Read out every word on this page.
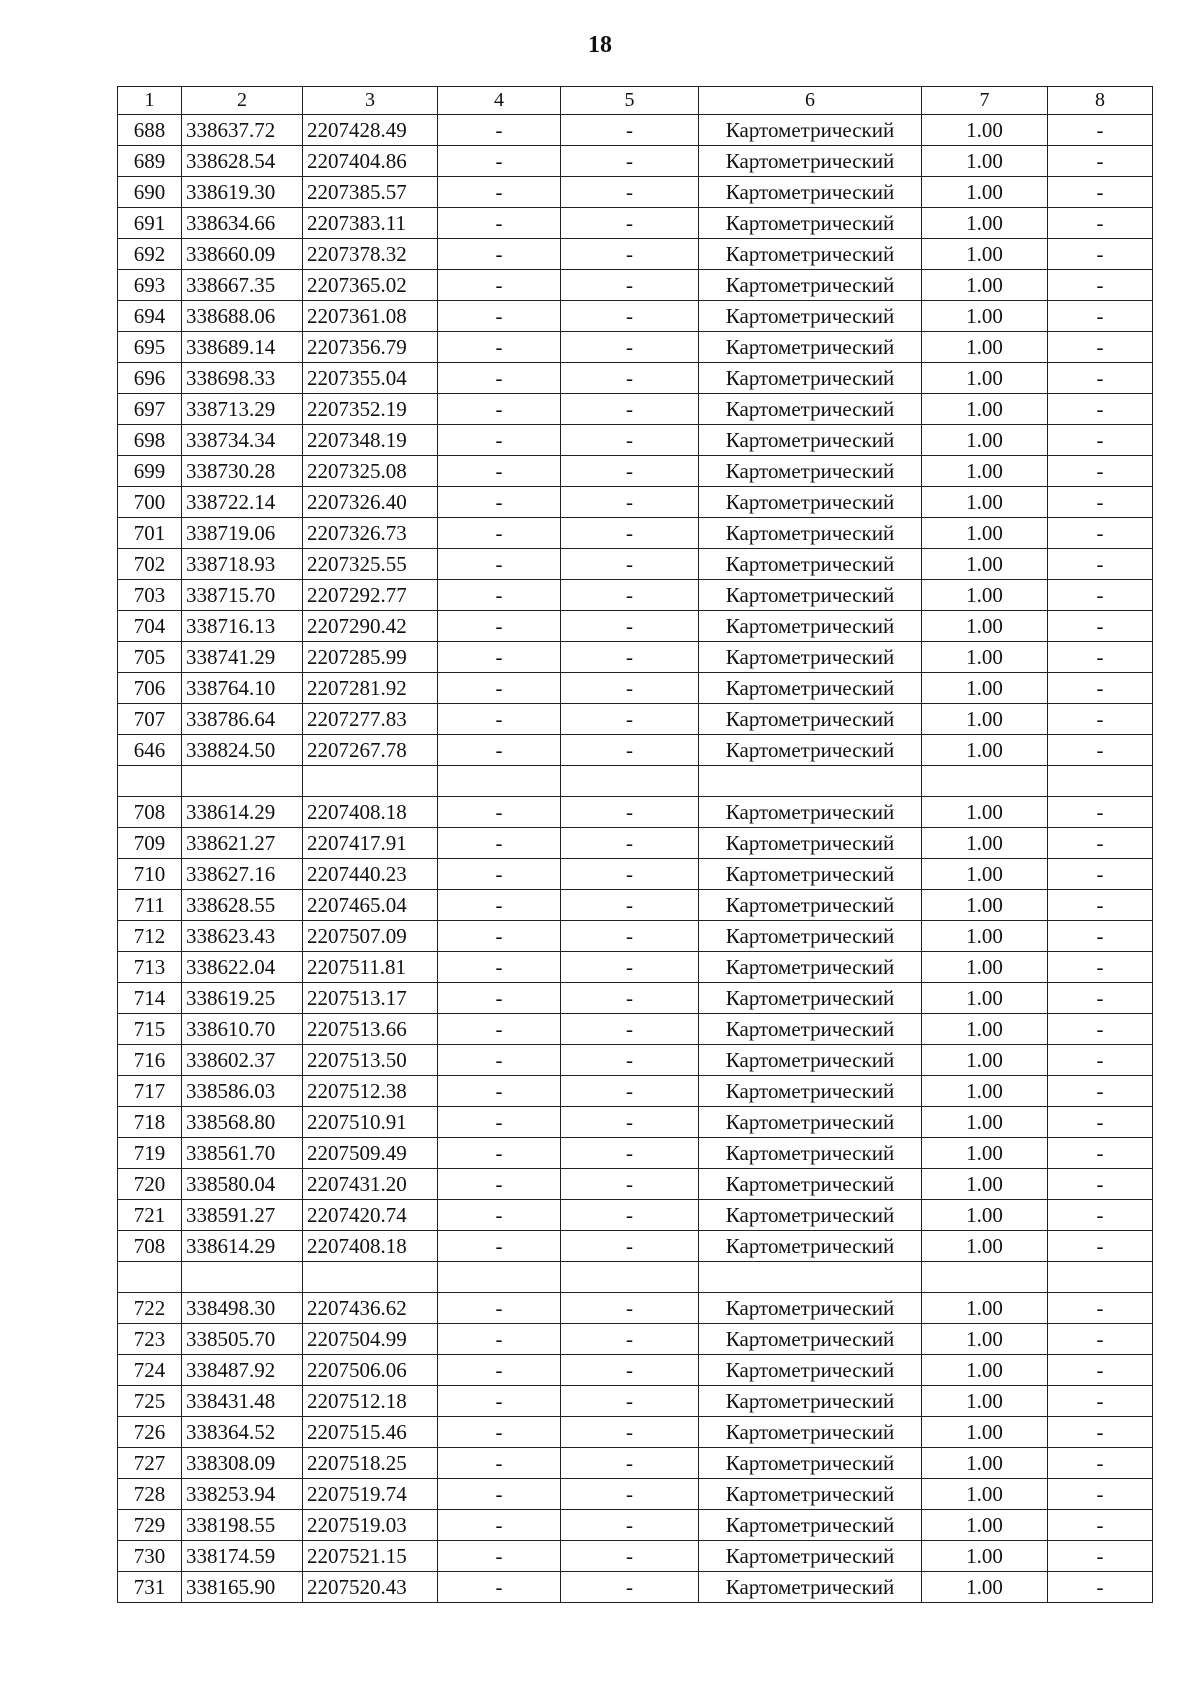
18
1	2	3	4	5	6	7	8
688	338637.72	2207428.49	-	-	Картометрический	1.00	-
689	338628.54	2207404.86	-	-	Картометрический	1.00	-
690	338619.30	2207385.57	-	-	Картометрический	1.00	-
691	338634.66	2207383.11	-	-	Картометрический	1.00	-
692	338660.09	2207378.32	-	-	Картометрический	1.00	-
693	338667.35	2207365.02	-	-	Картометрический	1.00	-
694	338688.06	2207361.08	-	-	Картометрический	1.00	-
695	338689.14	2207356.79	-	-	Картометрический	1.00	-
696	338698.33	2207355.04	-	-	Картометрический	1.00	-
697	338713.29	2207352.19	-	-	Картометрический	1.00	-
698	338734.34	2207348.19	-	-	Картометрический	1.00	-
699	338730.28	2207325.08	-	-	Картометрический	1.00	-
700	338722.14	2207326.40	-	-	Картометрический	1.00	-
701	338719.06	2207326.73	-	-	Картометрический	1.00	-
702	338718.93	2207325.55	-	-	Картометрический	1.00	-
703	338715.70	2207292.77	-	-	Картометрический	1.00	-
704	338716.13	2207290.42	-	-	Картометрический	1.00	-
705	338741.29	2207285.99	-	-	Картометрический	1.00	-
706	338764.10	2207281.92	-	-	Картометрический	1.00	-
707	338786.64	2207277.83	-	-	Картометрический	1.00	-
646	338824.50	2207267.78	-	-	Картометрический	1.00	-

708	338614.29	2207408.18	-	-	Картометрический	1.00	-
709	338621.27	2207417.91	-	-	Картометрический	1.00	-
710	338627.16	2207440.23	-	-	Картометрический	1.00	-
711	338628.55	2207465.04	-	-	Картометрический	1.00	-
712	338623.43	2207507.09	-	-	Картометрический	1.00	-
713	338622.04	2207511.81	-	-	Картометрический	1.00	-
714	338619.25	2207513.17	-	-	Картометрический	1.00	-
715	338610.70	2207513.66	-	-	Картометрический	1.00	-
716	338602.37	2207513.50	-	-	Картометрический	1.00	-
717	338586.03	2207512.38	-	-	Картометрический	1.00	-
718	338568.80	2207510.91	-	-	Картометрический	1.00	-
719	338561.70	2207509.49	-	-	Картометрический	1.00	-
720	338580.04	2207431.20	-	-	Картометрический	1.00	-
721	338591.27	2207420.74	-	-	Картометрический	1.00	-
708	338614.29	2207408.18	-	-	Картометрический	1.00	-

722	338498.30	2207436.62	-	-	Картометрический	1.00	-
723	338505.70	2207504.99	-	-	Картометрический	1.00	-
724	338487.92	2207506.06	-	-	Картометрический	1.00	-
725	338431.48	2207512.18	-	-	Картометрический	1.00	-
726	338364.52	2207515.46	-	-	Картометрический	1.00	-
727	338308.09	2207518.25	-	-	Картометрический	1.00	-
728	338253.94	2207519.74	-	-	Картометрический	1.00	-
729	338198.55	2207519.03	-	-	Картометрический	1.00	-
730	338174.59	2207521.15	-	-	Картометрический	1.00	-
731	338165.90	2207520.43	-	-	Картометрический	1.00	-
